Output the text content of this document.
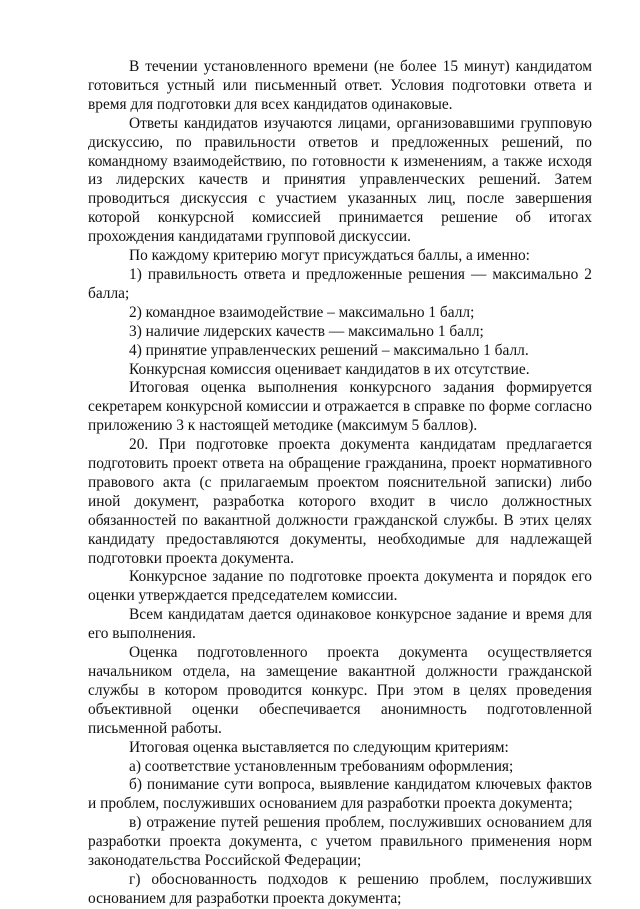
В течении установленного времени (не более 15 минут) кандидатом готовиться устный или письменный ответ. Условия подготовки ответа и время для подготовки для всех кандидатов одинаковые.

Ответы кандидатов изучаются лицами, организовавшими групповую дискуссию, по правильности ответов и предложенных решений, по командному взаимодействию, по готовности к изменениям, а также исходя из лидерских качеств и принятия управленческих решений. Затем проводиться дискуссия с участием указанных лиц, после завершения которой конкурсной комиссией принимается решение об итогах прохождения кандидатами групповой дискуссии.

По каждому критерию могут присуждаться баллы, а именно:

1) правильность ответа и предложенные решения — максимально 2 балла;

2) командное взаимодействие – максимально 1 балл;

3) наличие лидерских качеств — максимально 1 балл;

4) принятие управленческих решений – максимально 1 балл.

Конкурсная комиссия оценивает кандидатов в их отсутствие.

Итоговая оценка выполнения конкурсного задания формируется секретарем конкурсной комиссии и отражается в справке по форме согласно приложению 3 к настоящей методике (максимум 5 баллов).

20. При подготовке проекта документа кандидатам предлагается подготовить проект ответа на обращение гражданина, проект нормативного правового акта (с прилагаемым проектом пояснительной записки) либо иной документ, разработка которого входит в число должностных обязанностей по вакантной должности гражданской службы. В этих целях кандидату предоставляются документы, необходимые для надлежащей подготовки проекта документа.

Конкурсное задание по подготовке проекта документа и порядок его оценки утверждается председателем комиссии.

Всем кандидатам дается одинаковое конкурсное задание и время для его выполнения.

Оценка подготовленного проекта документа осуществляется начальником отдела, на замещение вакантной должности гражданской службы в котором проводится конкурс. При этом в целях проведения объективной оценки обеспечивается анонимность подготовленной письменной работы.

Итоговая оценка выставляется по следующим критериям:

а) соответствие установленным требованиям оформления;

б) понимание сути вопроса, выявление кандидатом ключевых фактов и проблем, послуживших основанием для разработки проекта документа;

в) отражение путей решения проблем, послуживших основанием для разработки проекта документа, с учетом правильного применения норм законодательства Российской Федерации;

г) обоснованность подходов к решению проблем, послуживших основанием для разработки проекта документа;
